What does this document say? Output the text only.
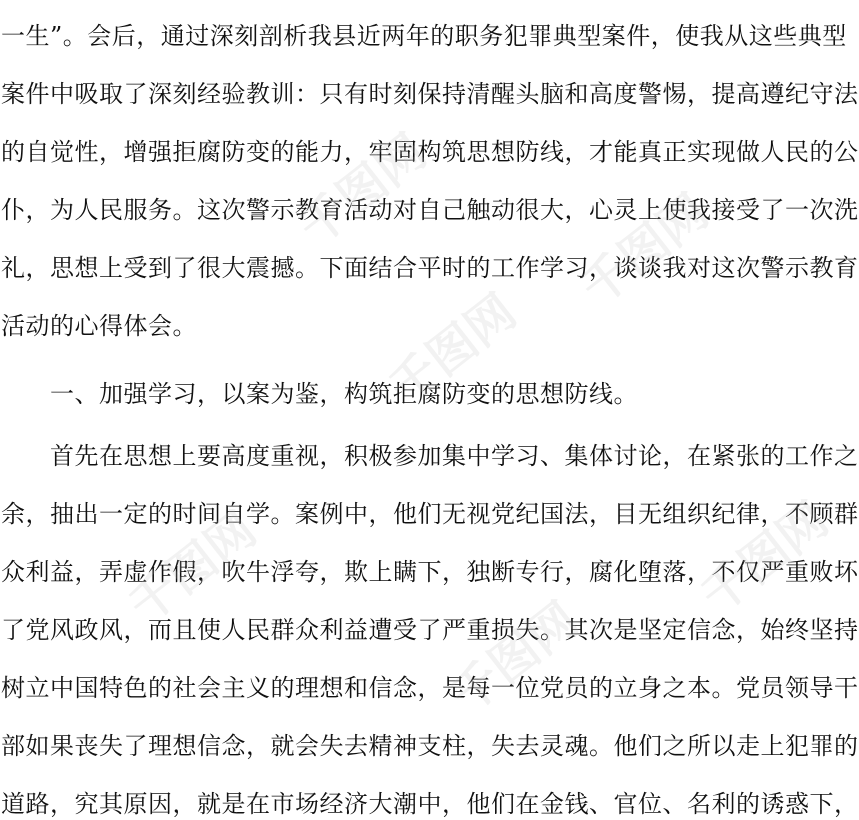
一生”。会后，通过深刻剖析我县近两年的职务犯罪典型案件，使我从这些典型
案件中吸取了深刻经验教训：只有时刻保持清醒头脑和高度警惕，提高遵纪守法
的自觉性，增强拒腐防变的能力，牢固构筑思想防线，才能真正实现做人民的公
仆，为人民服务。这次警示教育活动对自己触动很大，心灵上使我接受了一次洗
礼，思想上受到了很大震撼。下面结合平时的工作学习，谈谈我对这次警示教育
活动的心得体会。
　　一、加强学习，以案为鉴，构筑拒腐防变的思想防线。
　　首先在思想上要高度重视，积极参加集中学习、集体讨论，在紧张的工作之
余，抽出一定的时间自学。案例中，他们无视党纪国法，目无组织纪律，不顾群
众利益，弄虚作假，吹牛浮夸，欺上瞒下，独断专行，腐化堕落，不仅严重败坏
了党风政风，而且使人民群众利益遭受了严重损失。其次是坚定信念，始终坚持
树立中国特色的社会主义的理想和信念，是每一位党员的立身之本。党员领导干
部如果丧失了理想信念，就会失去精神支柱，失去灵魂。他们之所以走上犯罪的
道路，究其原因，就是在市场经济大潮中，他们在金钱、官位、名利的诱惑下，
千图网	千图网
千图网
千图网
千图网
千图网
